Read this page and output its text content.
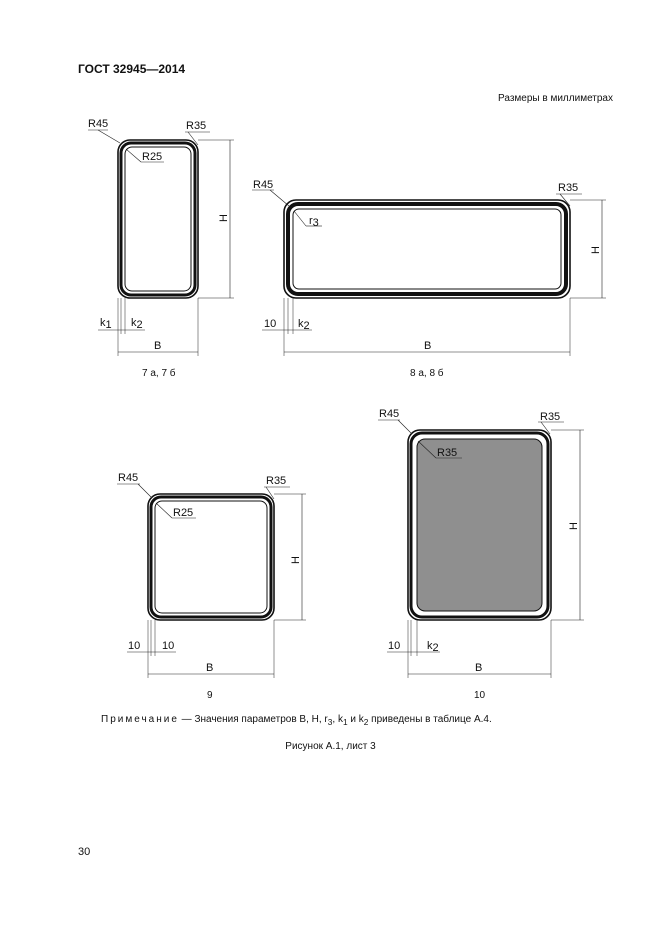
ГОСТ 32945—2014
Размеры в миллиметрах
R45	R35
R25
Н
k1 k2
В
R45	R35
r3
Н
10 k2
В
R45	R35
R25
Н
10 10
В
R45	R35
R35
Н
10 k2
В
7 а, 7 б	8 а, 8 б
9	10
Примечание — Значения параметров В, Н, $r_3$, $k_1$ и $k_2$ приведены в таблице А.4.
Рисунок А.1, лист 3
30
